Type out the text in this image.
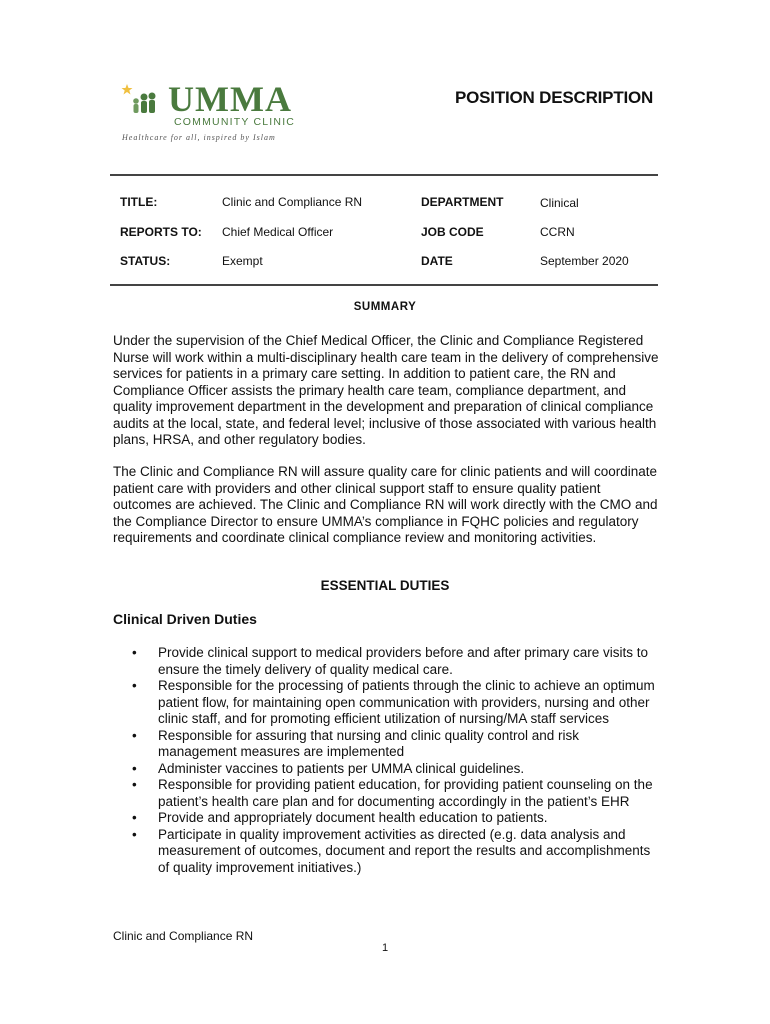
UMMA
COMMUNITY CLINIC
Healthcare for all, inspired by Islam
POSITION DESCRIPTION
TITLE:	Clinic and Compliance RN	DEPARTMENT	Clinical
REPORTS TO: Chief Medical Officer	JOB CODE	CCRN
STATUS:	Exempt	DATE	September 2020
SUMMARY
Under the supervision of the Chief Medical Officer, the Clinic and Compliance Registered Nurse will work within a multi-disciplinary health care team in the delivery of comprehensive services for patients in a primary care setting. In addition to patient care, the RN and Compliance Officer assists the primary health care team, compliance department, and quality improvement department in the development and preparation of clinical compliance audits at the local, state, and federal level; inclusive of those associated with various health plans, HRSA, and other regulatory bodies.
The Clinic and Compliance RN will assure quality care for clinic patients and will coordinate patient care with providers and other clinical support staff to ensure quality patient outcomes are achieved. The Clinic and Compliance RN will work directly with the CMO and the Compliance Director to ensure UMMA’s compliance in FQHC policies and regulatory requirements and coordinate clinical compliance review and monitoring activities.
ESSENTIAL DUTIES
Clinical Driven Duties
• Provide clinical support to medical providers before and after primary care visits to ensure the timely delivery of quality medical care.
• Responsible for the processing of patients through the clinic to achieve an optimum patient flow, for maintaining open communication with providers, nursing and other clinic staff, and for promoting efficient utilization of nursing/MA staff services
• Responsible for assuring that nursing and clinic quality control and risk management measures are implemented
• Administer vaccines to patients per UMMA clinical guidelines.
• Responsible for providing patient education, for providing patient counseling on the patient’s health care plan and for documenting accordingly in the patient’s EHR
• Provide and appropriately document health education to patients.
• Participate in quality improvement activities as directed (e.g. data analysis and measurement of outcomes, document and report the results and accomplishments of quality improvement initiatives.)
Clinic and Compliance RN
1
